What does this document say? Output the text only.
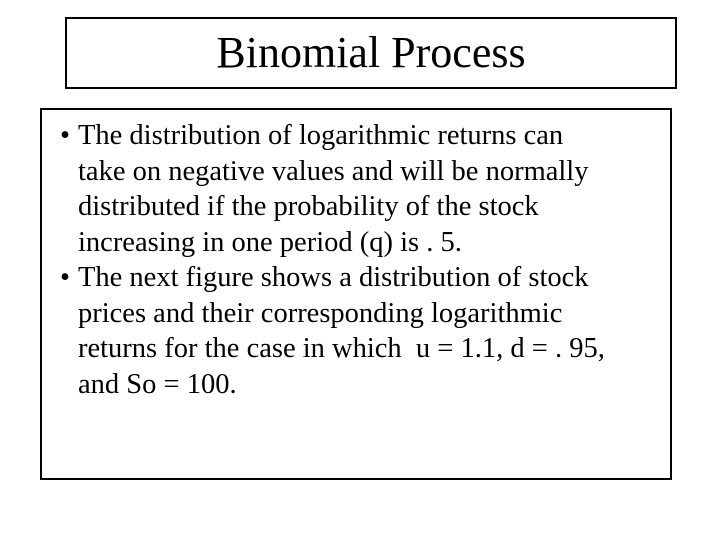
Binomial Process
• The distribution of logarithmic returns can
take on negative values and will be normally
distributed if the probability of the stock
increasing in one period (q) is . 5.
• The next figure shows a distribution of stock
prices and their corresponding logarithmic
returns for the case in which  u = 1.1, d = . 95,
and So = 100.
